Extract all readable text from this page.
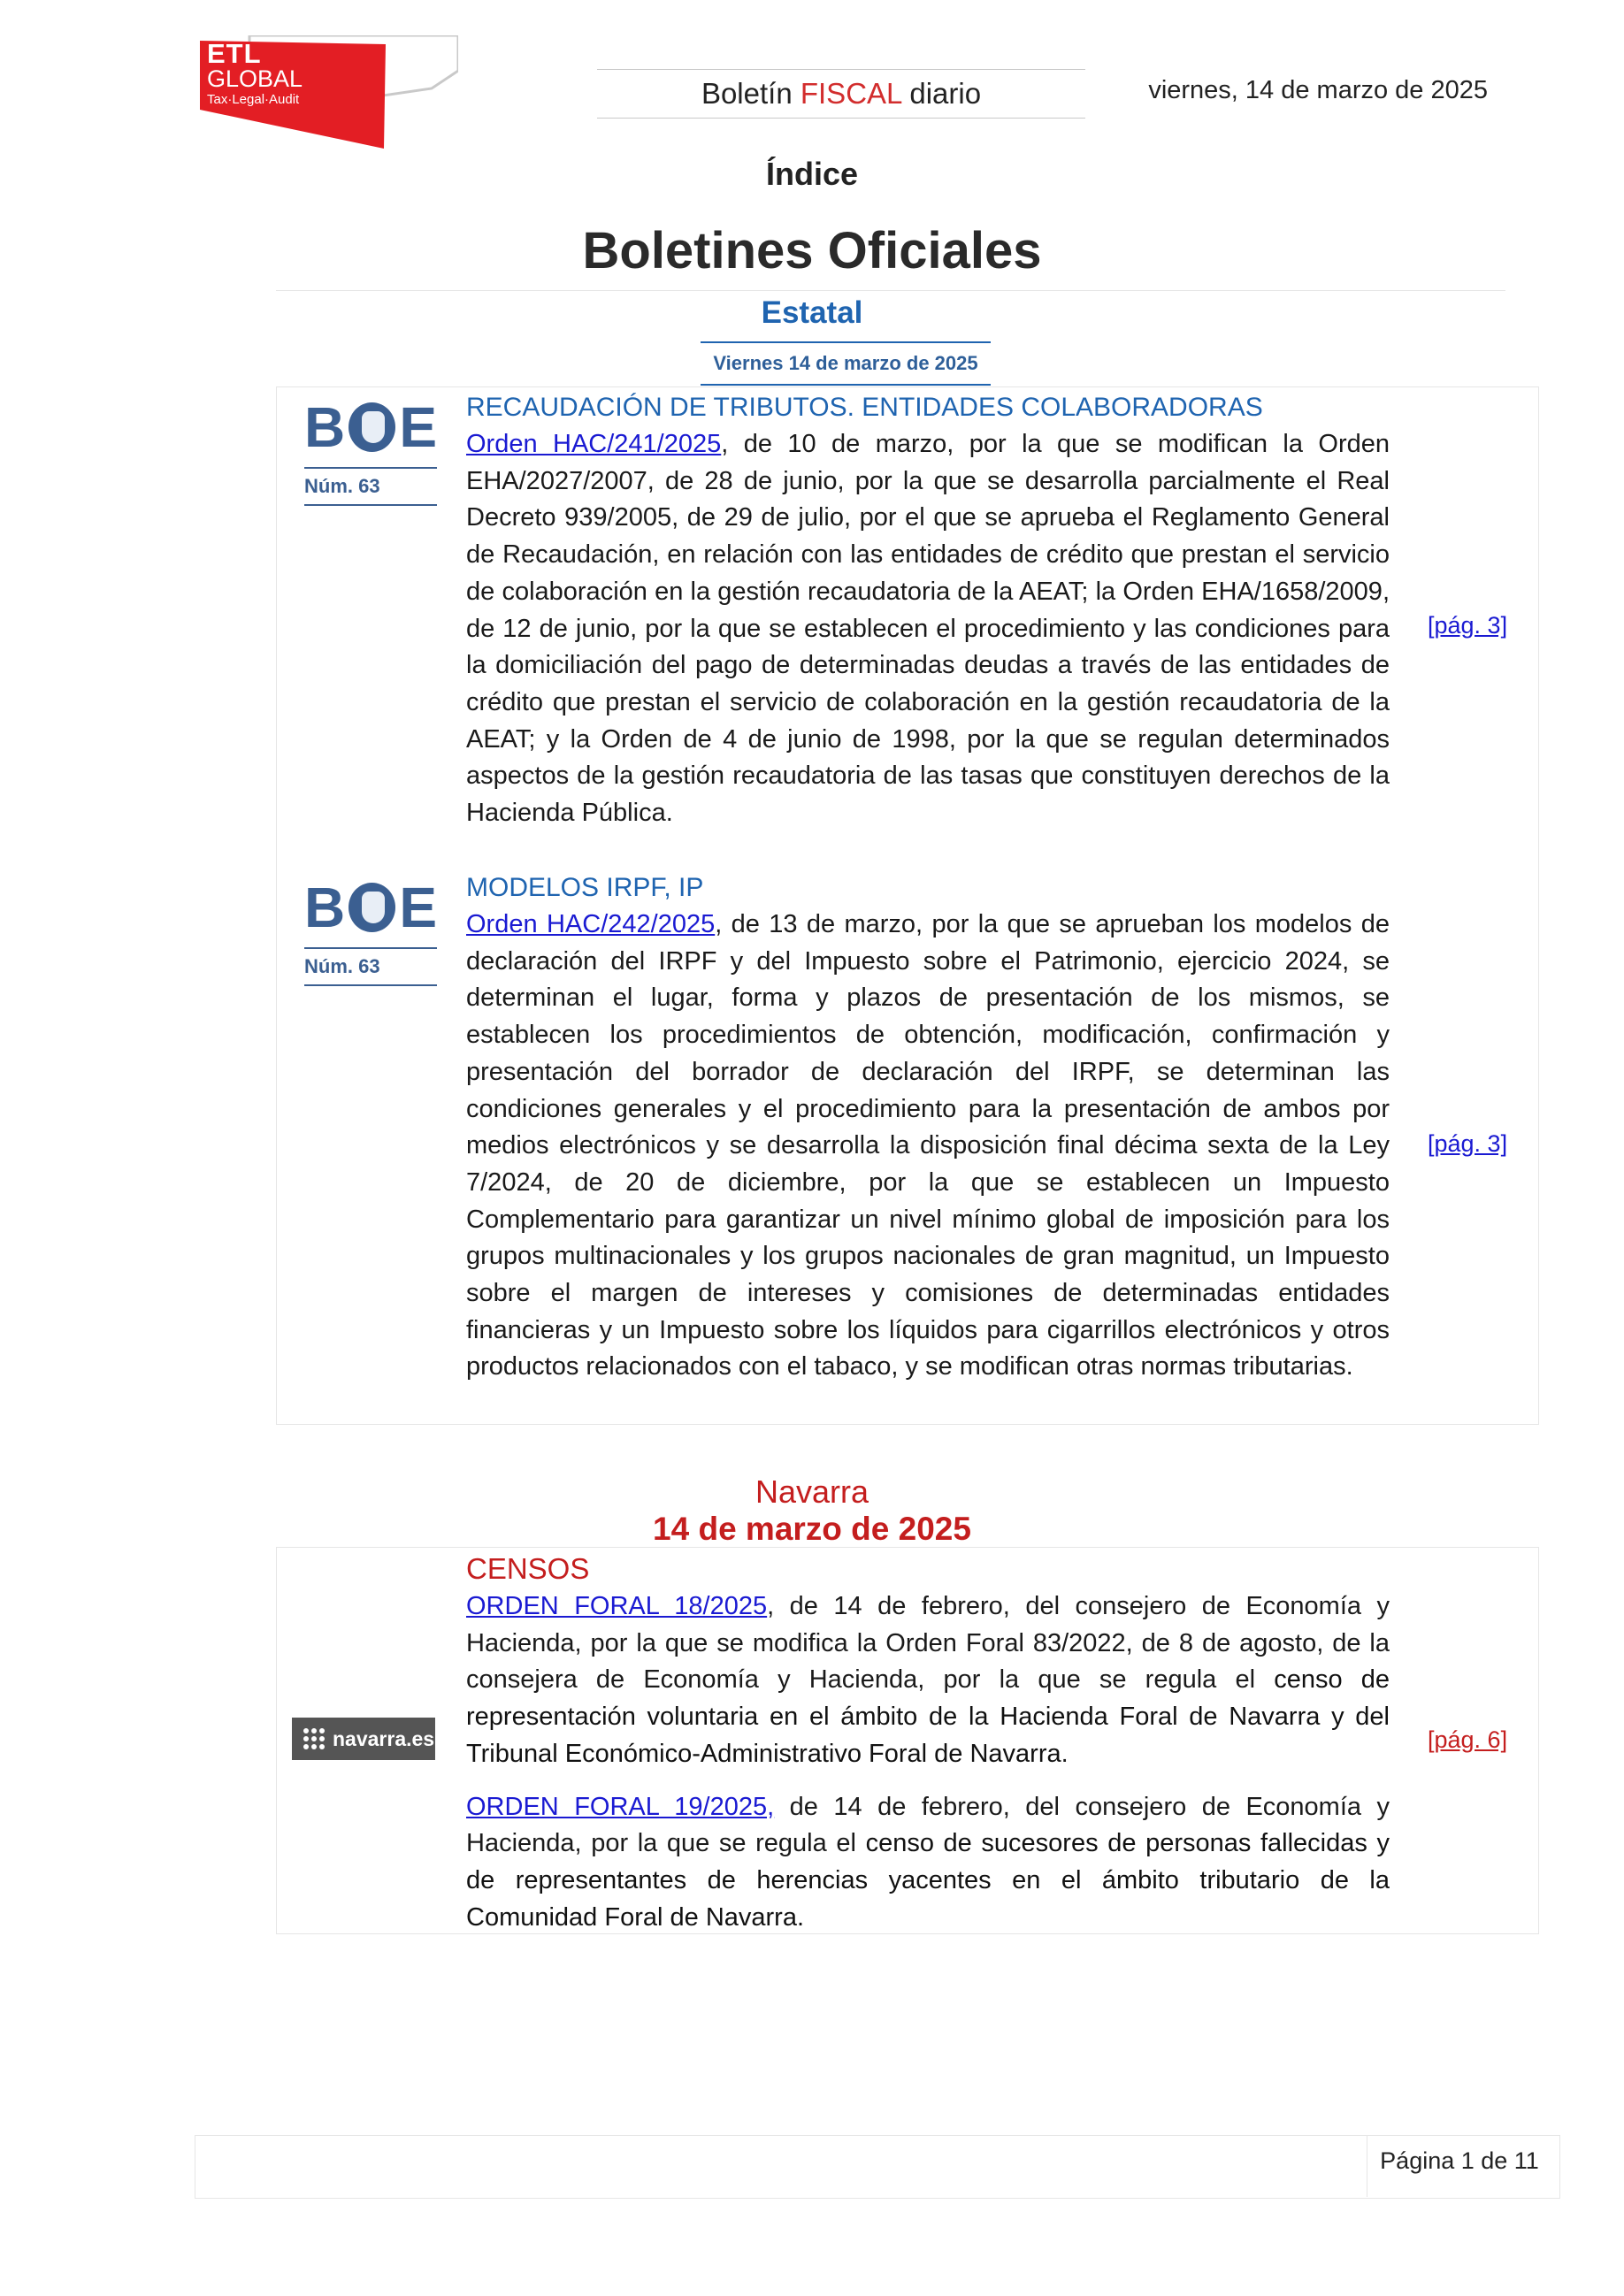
ETL
GLOBAL
Tax·Legal·Audit	Boletín FISCAL diario	viernes, 14 de marzo de 2025
Índice
Boletines Oficiales
Estatal
Viernes 14 de marzo de 2025
B E
Núm. 63
RECAUDACIÓN DE TRIBUTOS. ENTIDADES COLABORADORAS
Orden HAC/241/2025, de 10 de marzo, por la que se modifican la Orden EHA/2027/2007, de 28 de junio, por la que se desarrolla parcialmente el Real Decreto 939/2005, de 29 de julio, por el que se aprueba el Reglamento General de Recaudación, en relación con las entidades de crédito que prestan el servicio de colaboración en la gestión recaudatoria de la AEAT; la Orden EHA/1658/2009, de 12 de junio, por la que se establecen el procedimiento y las condiciones para la domiciliación del pago de determinadas deudas a través de las entidades de crédito que prestan el servicio de colaboración en la gestión recaudatoria de la AEAT; y la Orden de 4 de junio de 1998, por la que se regulan determinados aspectos de la gestión recaudatoria de las tasas que constituyen derechos de la Hacienda Pública.
[pág. 3]
B E
Núm. 63
MODELOS IRPF, IP
Orden HAC/242/2025, de 13 de marzo, por la que se aprueban los modelos de declaración del IRPF y del Impuesto sobre el Patrimonio, ejercicio 2024, se determinan el lugar, forma y plazos de presentación de los mismos, se establecen los procedimientos de obtención, modificación, confirmación y presentación del borrador de declaración del IRPF, se determinan las condiciones generales y el procedimiento para la presentación de ambos por medios electrónicos y se desarrolla la disposición final décima sexta de la Ley 7/2024, de 20 de diciembre, por la que se establecen un Impuesto Complementario para garantizar un nivel mínimo global de imposición para los grupos multinacionales y los grupos nacionales de gran magnitud, un Impuesto sobre el margen de intereses y comisiones de determinadas entidades financieras y un Impuesto sobre los líquidos para cigarrillos electrónicos y otros productos relacionados con el tabaco, y se modifican otras normas tributarias.
[pág. 3]
Navarra
14 de marzo de 2025
navarra.es
CENSOS
ORDEN FORAL 18/2025, de 14 de febrero, del consejero de Economía y Hacienda, por la que se modifica la Orden Foral 83/2022, de 8 de agosto, de la consejera de Economía y Hacienda, por la que se regula el censo de representación voluntaria en el ámbito de la Hacienda Foral de Navarra y del Tribunal Económico-Administrativo Foral de Navarra.
ORDEN FORAL 19/2025, de 14 de febrero, del consejero de Economía y Hacienda, por la que se regula el censo de sucesores de personas fallecidas y de representantes de herencias yacentes en el ámbito tributario de la Comunidad Foral de Navarra.
[pág. 6]
Página 1 de 11
